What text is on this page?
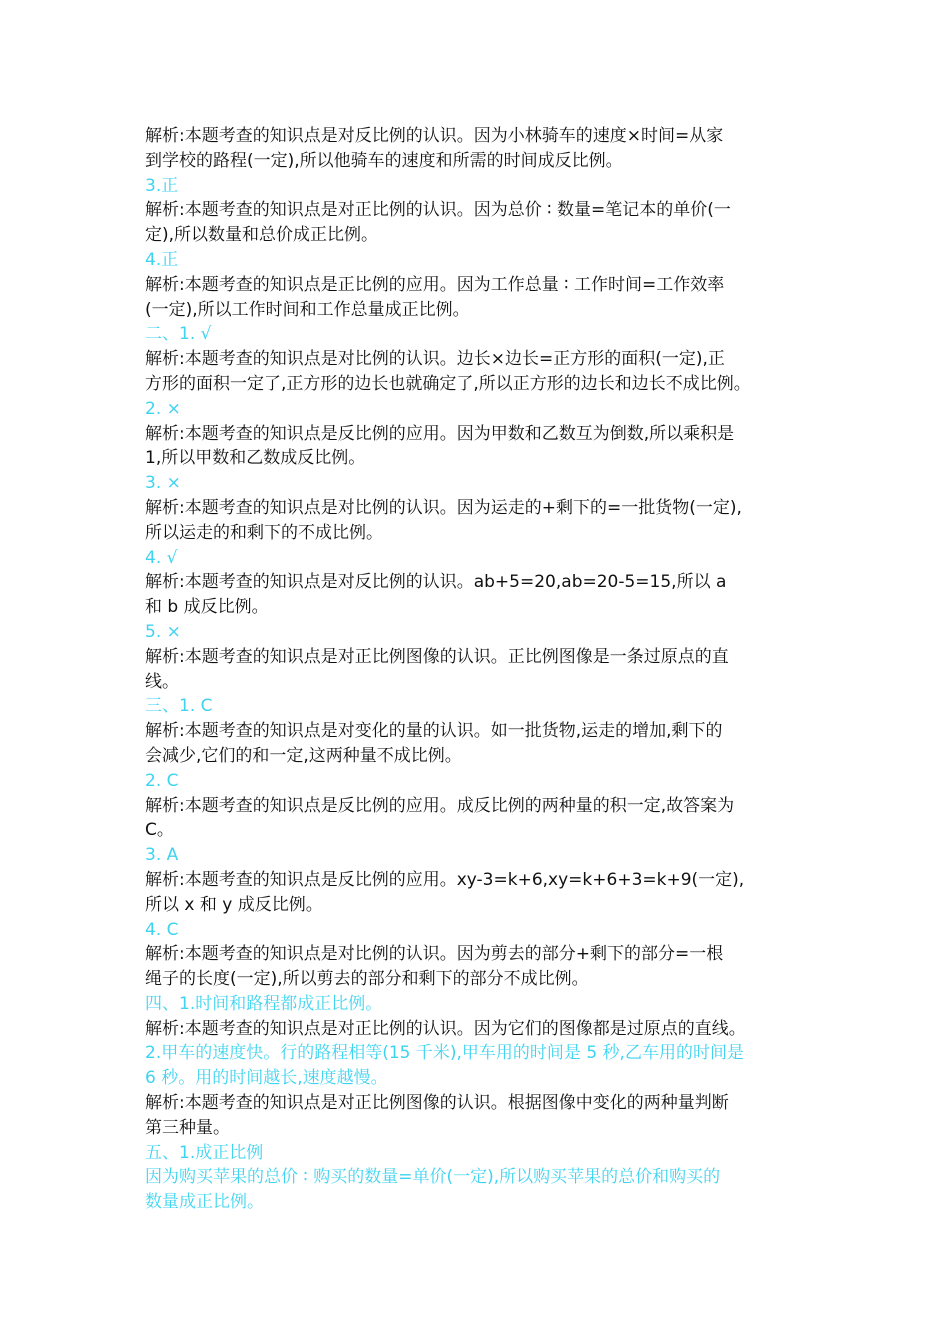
解析:本题考查的知识点是对反比例的认识。因为小林骑车的速度×时间=从家
到学校的路程(一定),所以他骑车的速度和所需的时间成反比例。
3.正
解析:本题考查的知识点是对正比例的认识。因为总价 ∶ 数量=笔记本的单价(一
定),所以数量和总价成正比例。
4.正
解析:本题考查的知识点是正比例的应用。因为工作总量 ∶ 工作时间=工作效率
(一定),所以工作时间和工作总量成正比例。
二、1. √
解析:本题考查的知识点是对比例的认识。边长×边长=正方形的面积(一定),正
方形的面积一定了,正方形的边长也就确定了,所以正方形的边长和边长不成比例。
2. ×
解析:本题考查的知识点是反比例的应用。因为甲数和乙数互为倒数,所以乘积是
1,所以甲数和乙数成反比例。
3. ×
解析:本题考查的知识点是对比例的认识。因为运走的+剩下的=一批货物(一定),
所以运走的和剩下的不成比例。
4. √
解析:本题考查的知识点是对反比例的认识。ab+5=20,ab=20-5=15,所以 a
和 b 成反比例。
5. ×
解析:本题考查的知识点是对正比例图像的认识。正比例图像是一条过原点的直
线。
三、1. C
解析:本题考查的知识点是对变化的量的认识。如一批货物,运走的增加,剩下的
会减少,它们的和一定,这两种量不成比例。
2. C
解析:本题考查的知识点是反比例的应用。成反比例的两种量的积一定,故答案为
C。
3. A
解析:本题考查的知识点是反比例的应用。xy-3=k+6,xy=k+6+3=k+9(一定),
所以 x 和 y 成反比例。
4. C
解析:本题考查的知识点是对比例的认识。因为剪去的部分+剩下的部分=一根
绳子的长度(一定),所以剪去的部分和剩下的部分不成比例。
四、1.时间和路程都成正比例。
解析:本题考查的知识点是对正比例的认识。因为它们的图像都是过原点的直线。
2.甲车的速度快。行的路程相等(15 千米),甲车用的时间是 5 秒,乙车用的时间是
6 秒。用的时间越长,速度越慢。
解析:本题考查的知识点是对正比例图像的认识。根据图像中变化的两种量判断
第三种量。
五、1.成正比例
因为购买苹果的总价 ∶ 购买的数量=单价(一定),所以购买苹果的总价和购买的
数量成正比例。
